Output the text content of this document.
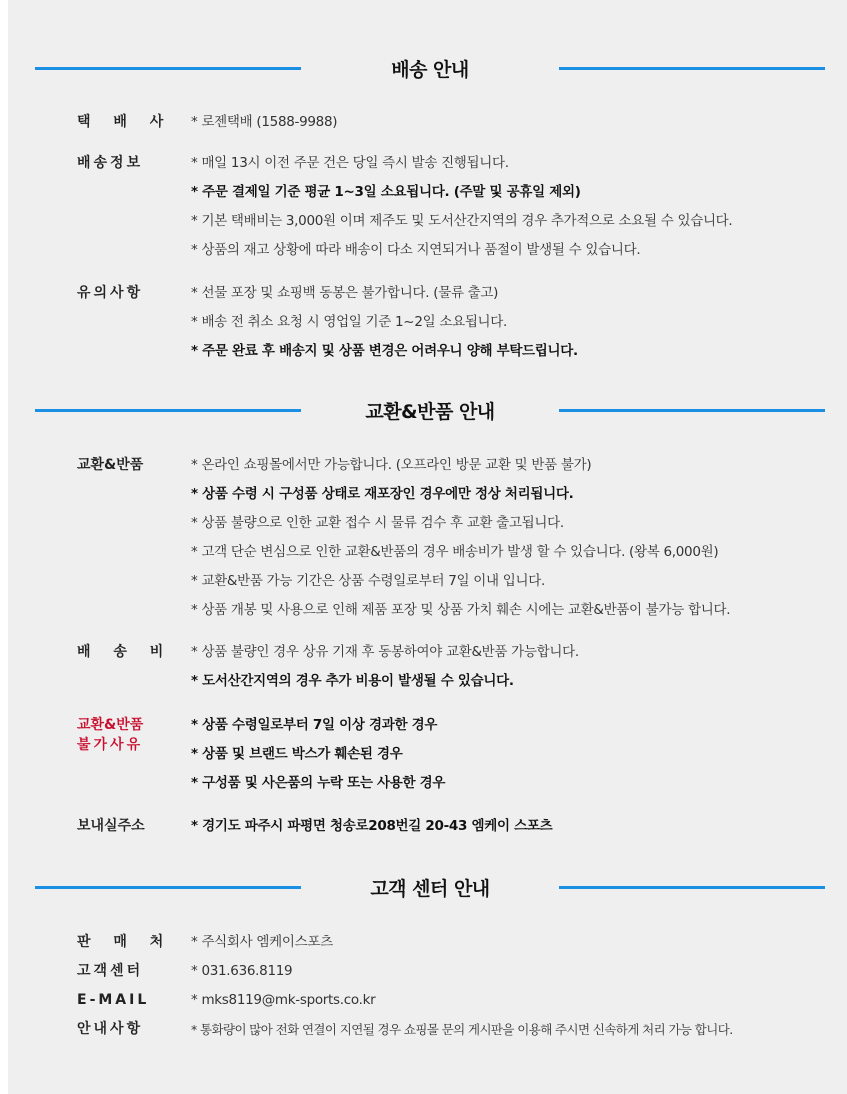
배송 안내
택 배 사	* 로젠택배 (1588-9988)
배송정보	* 매일 13시 이전 주문 건은 당일 즉시 발송 진행됩니다.
* 주문 결제일 기준 평균 1~3일 소요됩니다. (주말 및 공휴일 제외)
* 기본 택배비는 3,000원 이며 제주도 및 도서산간지역의 경우 추가적으로 소요될 수 있습니다.
* 상품의 재고 상황에 따라 배송이 다소 지연되거나 품절이 발생될 수 있습니다.
유의사항	* 선물 포장 및 쇼핑백 동봉은 불가합니다. (물류 출고)
* 배송 전 취소 요청 시 영업일 기준 1~2일 소요됩니다.
* 주문 완료 후 배송지 및 상품 변경은 어려우니 양해 부탁드립니다.
교환&반품 안내
교환&반품	* 온라인 쇼핑몰에서만 가능합니다. (오프라인 방문 교환 및 반품 불가)
* 상품 수령 시 구성품 상태로 재포장인 경우에만 정상 처리됩니다.
* 상품 불량으로 인한 교환 접수 시 물류 검수 후 교환 출고됩니다.
* 고객 단순 변심으로 인한 교환&반품의 경우 배송비가 발생 할 수 있습니다. (왕복 6,000원)
* 교환&반품 가능 기간은 상품 수령일로부터 7일 이내 입니다.
* 상품 개봉 및 사용으로 인해 제품 포장 및 상품 가치 훼손 시에는 교환&반품이 불가능 합니다.
배 송 비	* 상품 불량인 경우 상유 기재 후 동봉하여야 교환&반품 가능합니다.
* 도서산간지역의 경우 추가 비용이 발생될 수 있습니다.
교환&반품
불가사유
* 상품 수령일로부터 7일 이상 경과한 경우
* 상품 및 브랜드 박스가 훼손된 경우
* 구성품 및 사은품의 누락 또는 사용한 경우
보내실주소	* 경기도 파주시 파평면 청송로208번길 20-43 엠케이 스포츠
고객 센터 안내
판 매 처	* 주식회사 엠케이스포츠
고객센터	* 031.636.8119
E-MAIL	* mks8119@mk-sports.co.kr
안내사항	* 통화량이 많아 전화 연결이 지연될 경우 쇼핑몰 문의 게시판을 이용해 주시면 신속하게 처리 가능 합니다.
